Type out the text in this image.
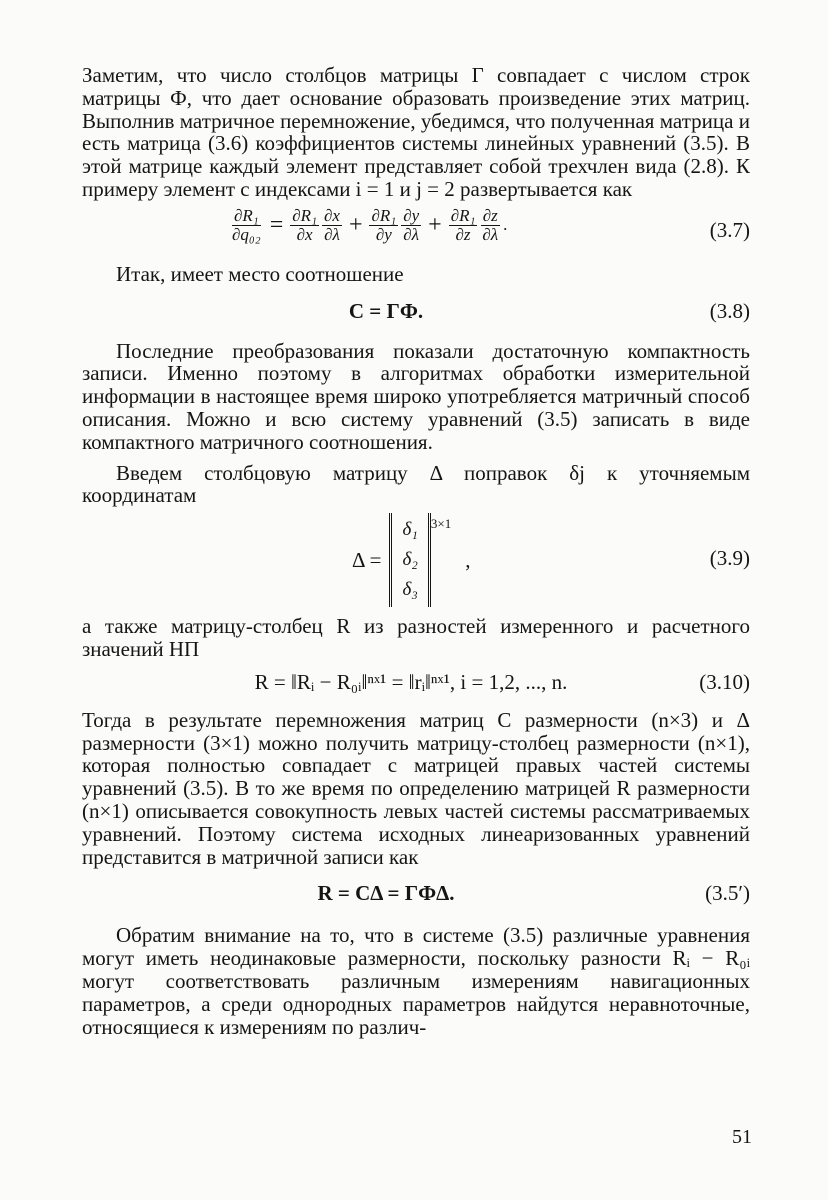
Заметим, что число столбцов матрицы Г совпадает с числом строк матрицы Ф, что дает основание образовать произведение этих матриц. Выполнив матричное перемножение, убедимся, что полученная матрица и есть матрица (3.6) коэффициентов системы линейных уравнений (3.5). В этой матрице каждый элемент представляет собой трехчлен вида (2.8). К примеру элемент с индексами i = 1 и j = 2 развертывается как

$\frac{\text{∂R₁}}{\text{∂q₀₂}} = \frac{\text{∂R₁}}{\partial x} \frac{\partial x}{\partial\lambda} + \frac{\text{∂R₁}}{\partial y} \frac{\partial y}{\partial\lambda} + \frac{\text{∂R₁}}{\partial z} \frac{\partial z}{\partial\lambda}$ .	(3.7)

Итак, имеет место соотношение

C = ГФ.	(3.8)

Последние преобразования показали достаточную компактность записи. Именно поэтому в алгоритмах обработки измерительной информации в настоящее время широко употребляется матричный способ описания. Можно и всю систему уравнений (3.5) записать в виде компактного матричного соотношения.

Введем столбцовую матрицу Δ поправок δj к уточняемым координатам

Δ =
δ₁
δ₂
δ₃
3×1
,	(3.9)

а также матрицу-столбец R из разностей измеренного и расчетного значений НП

R = ‖Rᵢ − R₀ᵢ‖ⁿˣ¹ = ‖rᵢ‖ⁿˣ¹, i = 1,2, ..., n.	(3.10)

Тогда в результате перемножения матриц C размерности (n×3) и Δ размерности (3×1) можно получить матрицу-столбец размерности (n×1), которая полностью совпадает с матрицей правых частей системы уравнений (3.5). В то же время по определению матрицей R размерности (n×1) описывается совокупность левых частей системы рассматриваемых уравнений. Поэтому система исходных линеаризованных уравнений представится в матричной записи как

R = CΔ = ГФΔ.	(3.5′)

Обратим внимание на то, что в системе (3.5) различные уравнения могут иметь неодинаковые размерности, поскольку разности Rᵢ − R₀ᵢ могут соответствовать различным измерениям навигационных параметров, а среди однородных параметров найдутся неравноточные, относящиеся к измерениям по различ-

51
